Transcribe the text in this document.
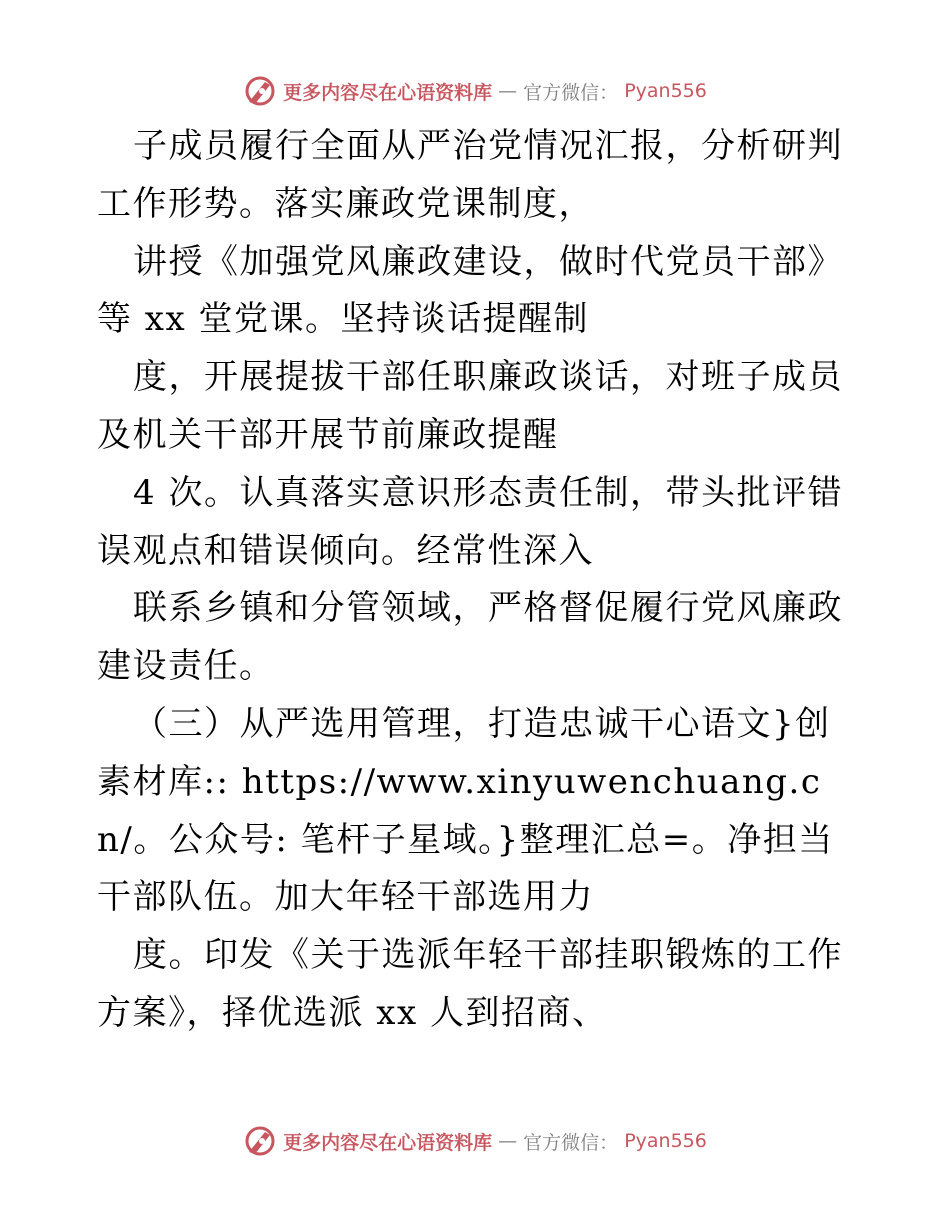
更多内容尽在心语资料库 — 官方微信： Pyan556

子成员履行全面从严治党情况汇报，分析研判工作形势。落实廉政党课制度，

讲授《加强党风廉政建设，做时代党员干部》等 xx 堂党课。坚持谈话提醒制

度，开展提拔干部任职廉政谈话，对班子成员及机关干部开展节前廉政提醒

4 次。认真落实意识形态责任制，带头批评错误观点和错误倾向。经常性深入

联系乡镇和分管领域，严格督促履行党风廉政建设责任。

（三）从严选用管理，打造忠诚干心语文}创素材库:: https://www.xinyuwenchuang.cn/。公众号: 笔杆子星域。}整理汇总=。净担当干部队伍。加大年轻干部选用力

度。印发《关于选派年轻干部挂职锻炼的工作方案》，择优选派 xx 人到招商、

更多内容尽在心语资料库 — 官方微信： Pyan556
